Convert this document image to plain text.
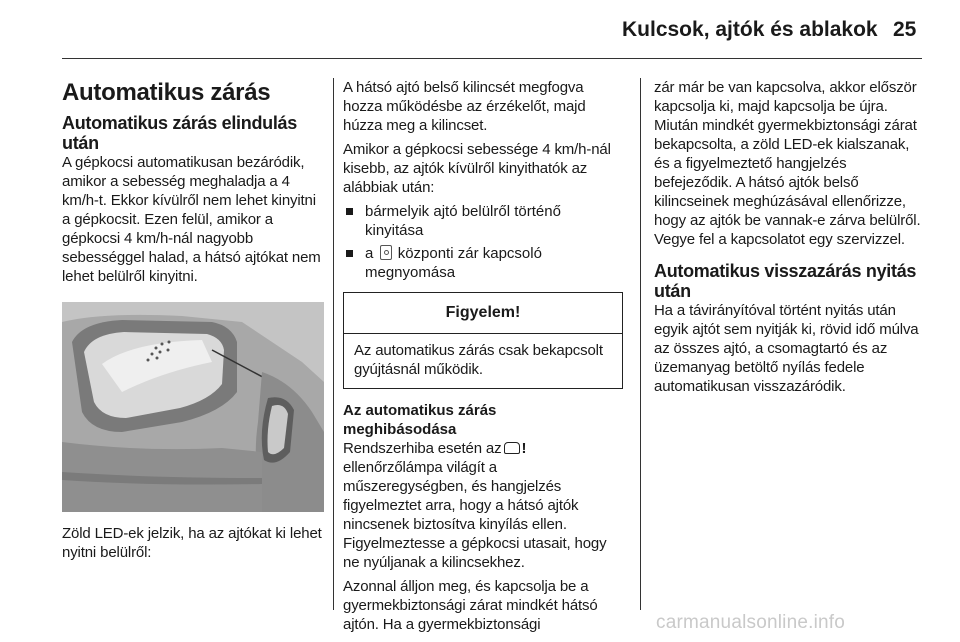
Kulcsok, ajtók és ablakok 25
Automatikus zárás
Automatikus zárás elindulás után

A gépkocsi automatikusan bezáródik, amikor a sebesség meghaladja a 4 km/h-t. Ekkor kívülről nem lehet kinyitni a gépkocsit. Ezen felül, amikor a gépkocsi 4 km/h-nál nagyobb sebességgel halad, a hátsó ajtókat nem lehet belülről kinyitni.

Zöld LED-ek jelzik, ha az ajtókat ki lehet nyitni belülről:

A hátsó ajtó belső kilincsét megfogva hozza működésbe az érzékelőt, majd húzza meg a kilincset.

Amikor a gépkocsi sebessége 4 km/h-nál kisebb, az ajtók kívülről kinyithatók az alábbiak után:

bármelyik ajtó belülről történő kinyitása
a központi zár kapcsoló megnyomása
Figyelem!

Az automatikus zárás csak bekapcsolt gyújtásnál működik.

Az automatikus zárás meghibásodása

Rendszerhiba esetén az ! ellenőrzőlámpa világít a műszeregységben, és hangjelzés figyelmeztet arra, hogy a hátsó ajtók nincsenek biztosítva kinyílás ellen. Figyelmeztesse a gépkocsi utasait, hogy ne nyúljanak a kilincsekhez.

Azonnal álljon meg, és kapcsolja be a gyermekbiztonsági zárat mindkét hátsó ajtón. Ha a gyermekbiztonsági

zár már be van kapcsolva, akkor először kapcsolja ki, majd kapcsolja be újra. Miután mindkét gyermekbiztonsági zárat bekapcsolta, a zöld LED-ek kialszanak, és a figyelmeztető hangjelzés befejeződik. A hátsó ajtók belső kilincseinek meghúzásával ellenőrizze, hogy az ajtók be vannak-e zárva belülről. Vegye fel a kapcsolatot egy szervizzel.

Automatikus visszazárás nyitás után

Ha a távirányítóval történt nyitás után egyik ajtót sem nyitják ki, rövid idő múlva az összes ajtó, a csomagtartó és az üzemanyag betöltő nyílás fedele automatikusan visszazáródik.

carmanualsonline.info
